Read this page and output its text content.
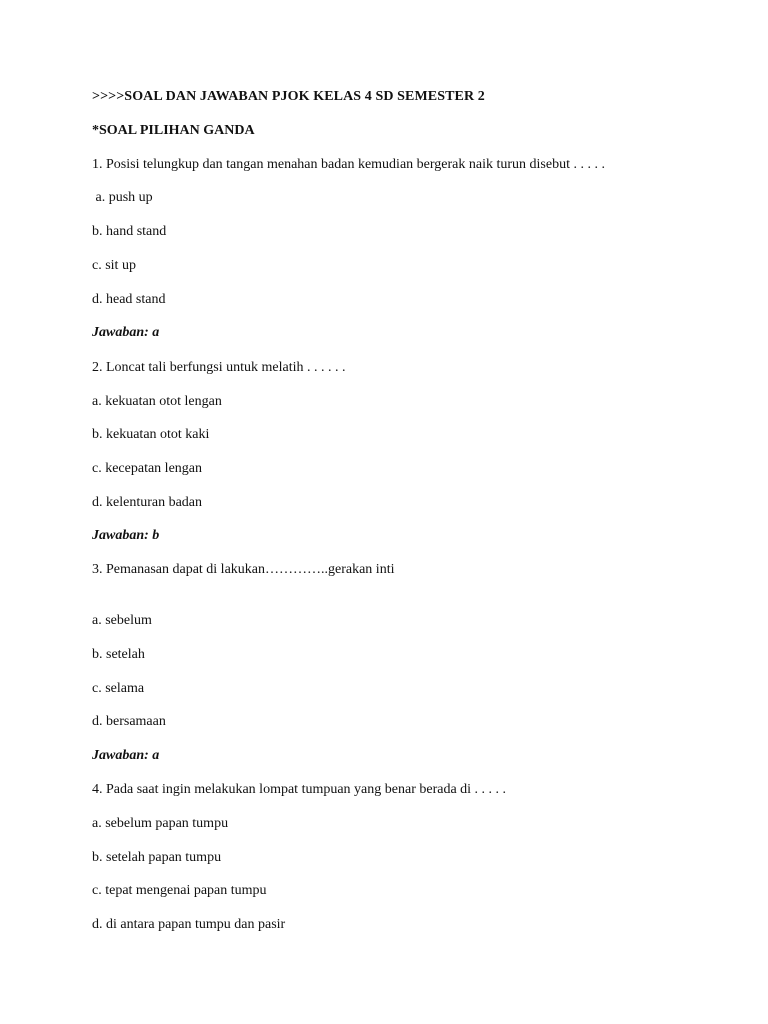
>>>>SOAL DAN JAWABAN PJOK KELAS 4 SD SEMESTER 2

*SOAL PILIHAN GANDA

1. Posisi telungkup dan tangan menahan badan kemudian bergerak naik turun disebut . . . . .

a. push up

b. hand stand

c. sit up

d. head stand

Jawaban: a

2. Loncat tali berfungsi untuk melatih . . . . . .

a. kekuatan otot lengan

b. kekuatan otot kaki

c. kecepatan lengan

d. kelenturan badan

Jawaban: b

3. Pemanasan dapat di lakukan…………..gerakan inti

a. sebelum

b. setelah

c. selama

d. bersamaan

Jawaban: a

4. Pada saat ingin melakukan lompat tumpuan yang benar berada di . . . . .

a. sebelum papan tumpu

b. setelah papan tumpu

c. tepat mengenai papan tumpu

d. di antara papan tumpu dan pasir
